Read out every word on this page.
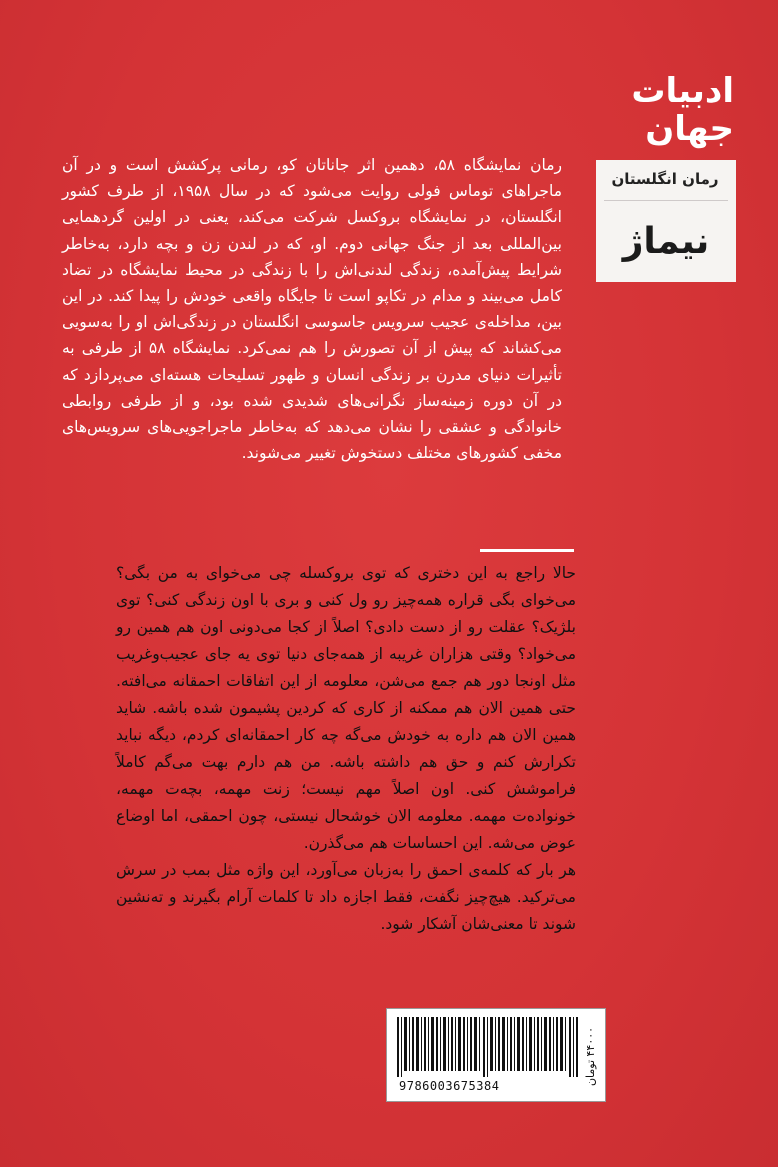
ادبیات
جهان
رمان انگلستان
نیماژ
رمان نمایشگاه ۵۸، دهمین اثر جاناتان کو، رمانی پرکشش است و در آن ماجراهای توماس فولی روایت می‌شود که در سال ۱۹۵۸، از طرف کشور انگلستان، در نمایشگاه بروکسل شرکت می‌کند، یعنی در اولین گردهمایی بین‌المللی بعد از جنگ جهانی دوم. او، که در لندن زن و بچه دارد، به‌خاطر شرایط پیش‌آمده، زندگی لندنی‌اش را با زندگی در محیط نمایشگاه در تضاد کامل می‌بیند و مدام در تکاپو است تا جایگاه واقعی خودش را پیدا کند. در این بین، مداخله‌ی عجیب سرویس جاسوسی انگلستان در زندگی‌اش او را به‌سویی می‌کشاند که پیش از آن تصورش را هم نمی‌کرد. نمایشگاه ۵۸ از طرفی به تأثیرات دنیای مدرن بر زندگی انسان و ظهور تسلیحات هسته‌ای می‌پردازد که در آن دوره زمینه‌ساز نگرانی‌های شدیدی شده بود، و از طرفی روابطی خانوادگی و عشقی را نشان می‌دهد که به‌خاطر ماجراجویی‌های سرویس‌های مخفی کشورهای مختلف دستخوش تغییر می‌شوند.

حالا راجع به این دختری که توی بروکسله چی می‌خوای به من بگی؟ می‌خوای بگی قراره همه‌چیز رو ول کنی و بری با اون زندگی کنی؟ توی بلژیک؟ عقلت رو از دست دادی؟ اصلاً از کجا می‌دونی اون هم همین رو می‌خواد؟ وقتی هزاران غریبه از همه‌جای دنیا توی یه جای عجیب‌وغریب مثل اونجا دور هم جمع می‌شن، معلومه از این اتفاقات احمقانه می‌افته. حتی همین الان هم ممکنه از کاری که کردین پشیمون شده باشه. شاید همین الان هم داره به خودش می‌گه چه کار احمقانه‌ای کردم، دیگه نباید تکرارش کنم و حق هم داشته باشه. من هم دارم بهت می‌گم کاملاً فراموشش کنی. اون اصلاً مهم نیست؛ زنت مهمه، بچه‌ت مهمه، خونواده‌ت مهمه. معلومه الان خوشحال نیستی، چون احمقی، اما اوضاع عوض می‌شه. این احساسات هم می‌گذرن.

هر بار که کلمه‌ی احمق را به‌زبان می‌آورد، این واژه مثل بمب در سرش می‌ترکید. هیچ‌چیز نگفت، فقط اجازه داد تا کلمات آرام بگیرند و ته‌نشین شوند تا معنی‌شان آشکار شود.

9786003675384
۴۴۰۰۰ تومان
